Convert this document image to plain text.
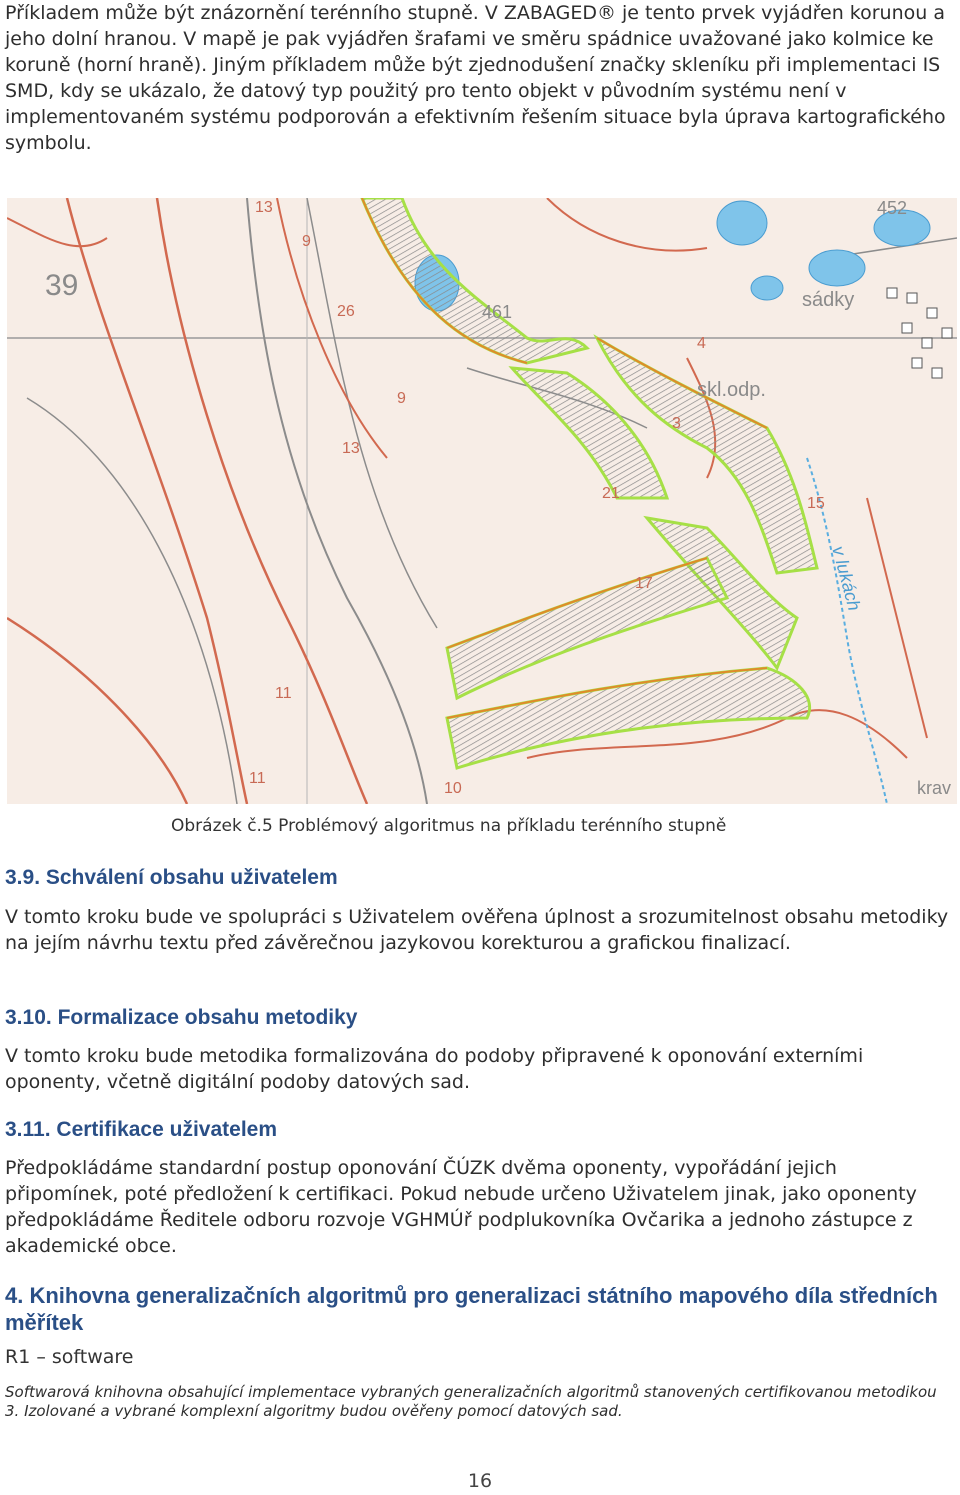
Příkladem může být znázornění terénního stupně. V ZABAGED® je tento prvek vyjádřen korunou a jeho dolní hranou. V mapě je pak vyjádřen šrafami ve směru spádnice uvažované jako kolmice ke koruně (horní hraně). Jiným příkladem může být zjednodušení značky skleníku při implementaci IS SMD, kdy se ukázalo, že datový typ použitý pro tento objekt v původním systému není v implementovaném systému podporován a efektivním řešením situace byla úprava kartografického symbolu.

39
13
9
26	461
452
sádky
4
skl.odp.
9
13
3
21
15
v lukách
17
11
11
10	krav
Obrázek č.5 Problémový algoritmus na příkladu terénního stupně
3.9. Schválení obsahu uživatelem

V tomto kroku bude ve spolupráci s Uživatelem ověřena úplnost a srozumitelnost obsahu metodiky na jejím návrhu textu před závěrečnou jazykovou korekturou a grafickou finalizací.

3.10. Formalizace obsahu metodiky

V tomto kroku bude metodika formalizována do podoby připravené k oponování externími oponenty, včetně digitální podoby datových sad.

3.11. Certifikace uživatelem

Předpokládáme standardní postup oponování ČÚZK dvěma oponenty, vypořádání jejich připomínek, poté předložení k certifikaci. Pokud nebude určeno Uživatelem jinak, jako oponenty předpokládáme Ředitele odboru rozvoje VGHMÚř podplukovníka Ovčarika a jednoho zástupce z akademické obce.

4. Knihovna generalizačních algoritmů pro generalizaci státního mapového díla středních měřítek
R1 – software
Softwarová knihovna obsahující implementace vybraných generalizačních algoritmů stanovených certifikovanou metodikou 3. Izolované a vybrané komplexní algoritmy budou ověřeny pomocí datových sad.
16
